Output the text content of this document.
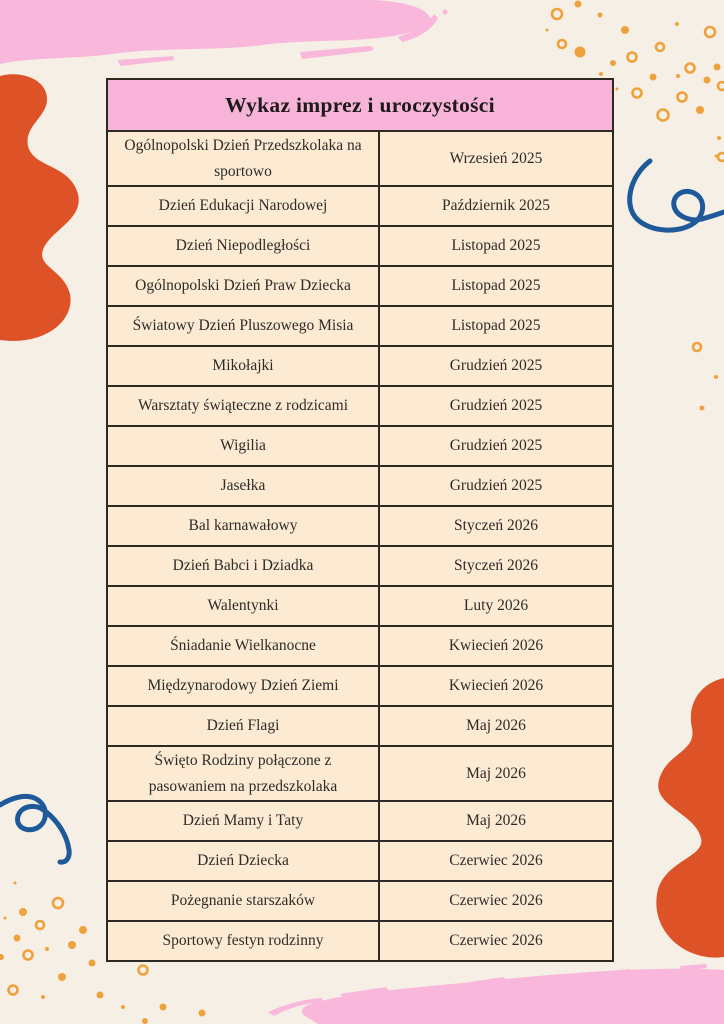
Wykaz imprez i uroczystości	
Ogólnopolski Dzień Przedszkolaka na sportowo	Wrzesień 2025
Dzień Edukacji Narodowej	Październik 2025
Dzień Niepodległości	Listopad 2025
Ogólnopolski Dzień Praw Dziecka	Listopad 2025
Światowy Dzień Pluszowego Misia	Listopad 2025
Mikołajki	Grudzień 2025
Warsztaty świąteczne z rodzicami	Grudzień 2025
Wigilia	Grudzień 2025
Jasełka	Grudzień 2025
Bal karnawałowy	Styczeń 2026
Dzień Babci i Dziadka	Styczeń 2026
Walentynki	Luty 2026
Śniadanie Wielkanocne	Kwiecień 2026
Międzynarodowy Dzień Ziemi	Kwiecień 2026
Dzień Flagi	Maj 2026
Święto Rodziny połączone z pasowaniem na przedszkolaka	Maj 2026
Dzień Mamy i Taty	Maj 2026
Dzień Dziecka	Czerwiec 2026
Pożegnanie starszaków	Czerwiec 2026
Sportowy festyn rodzinny	Czerwiec 2026
